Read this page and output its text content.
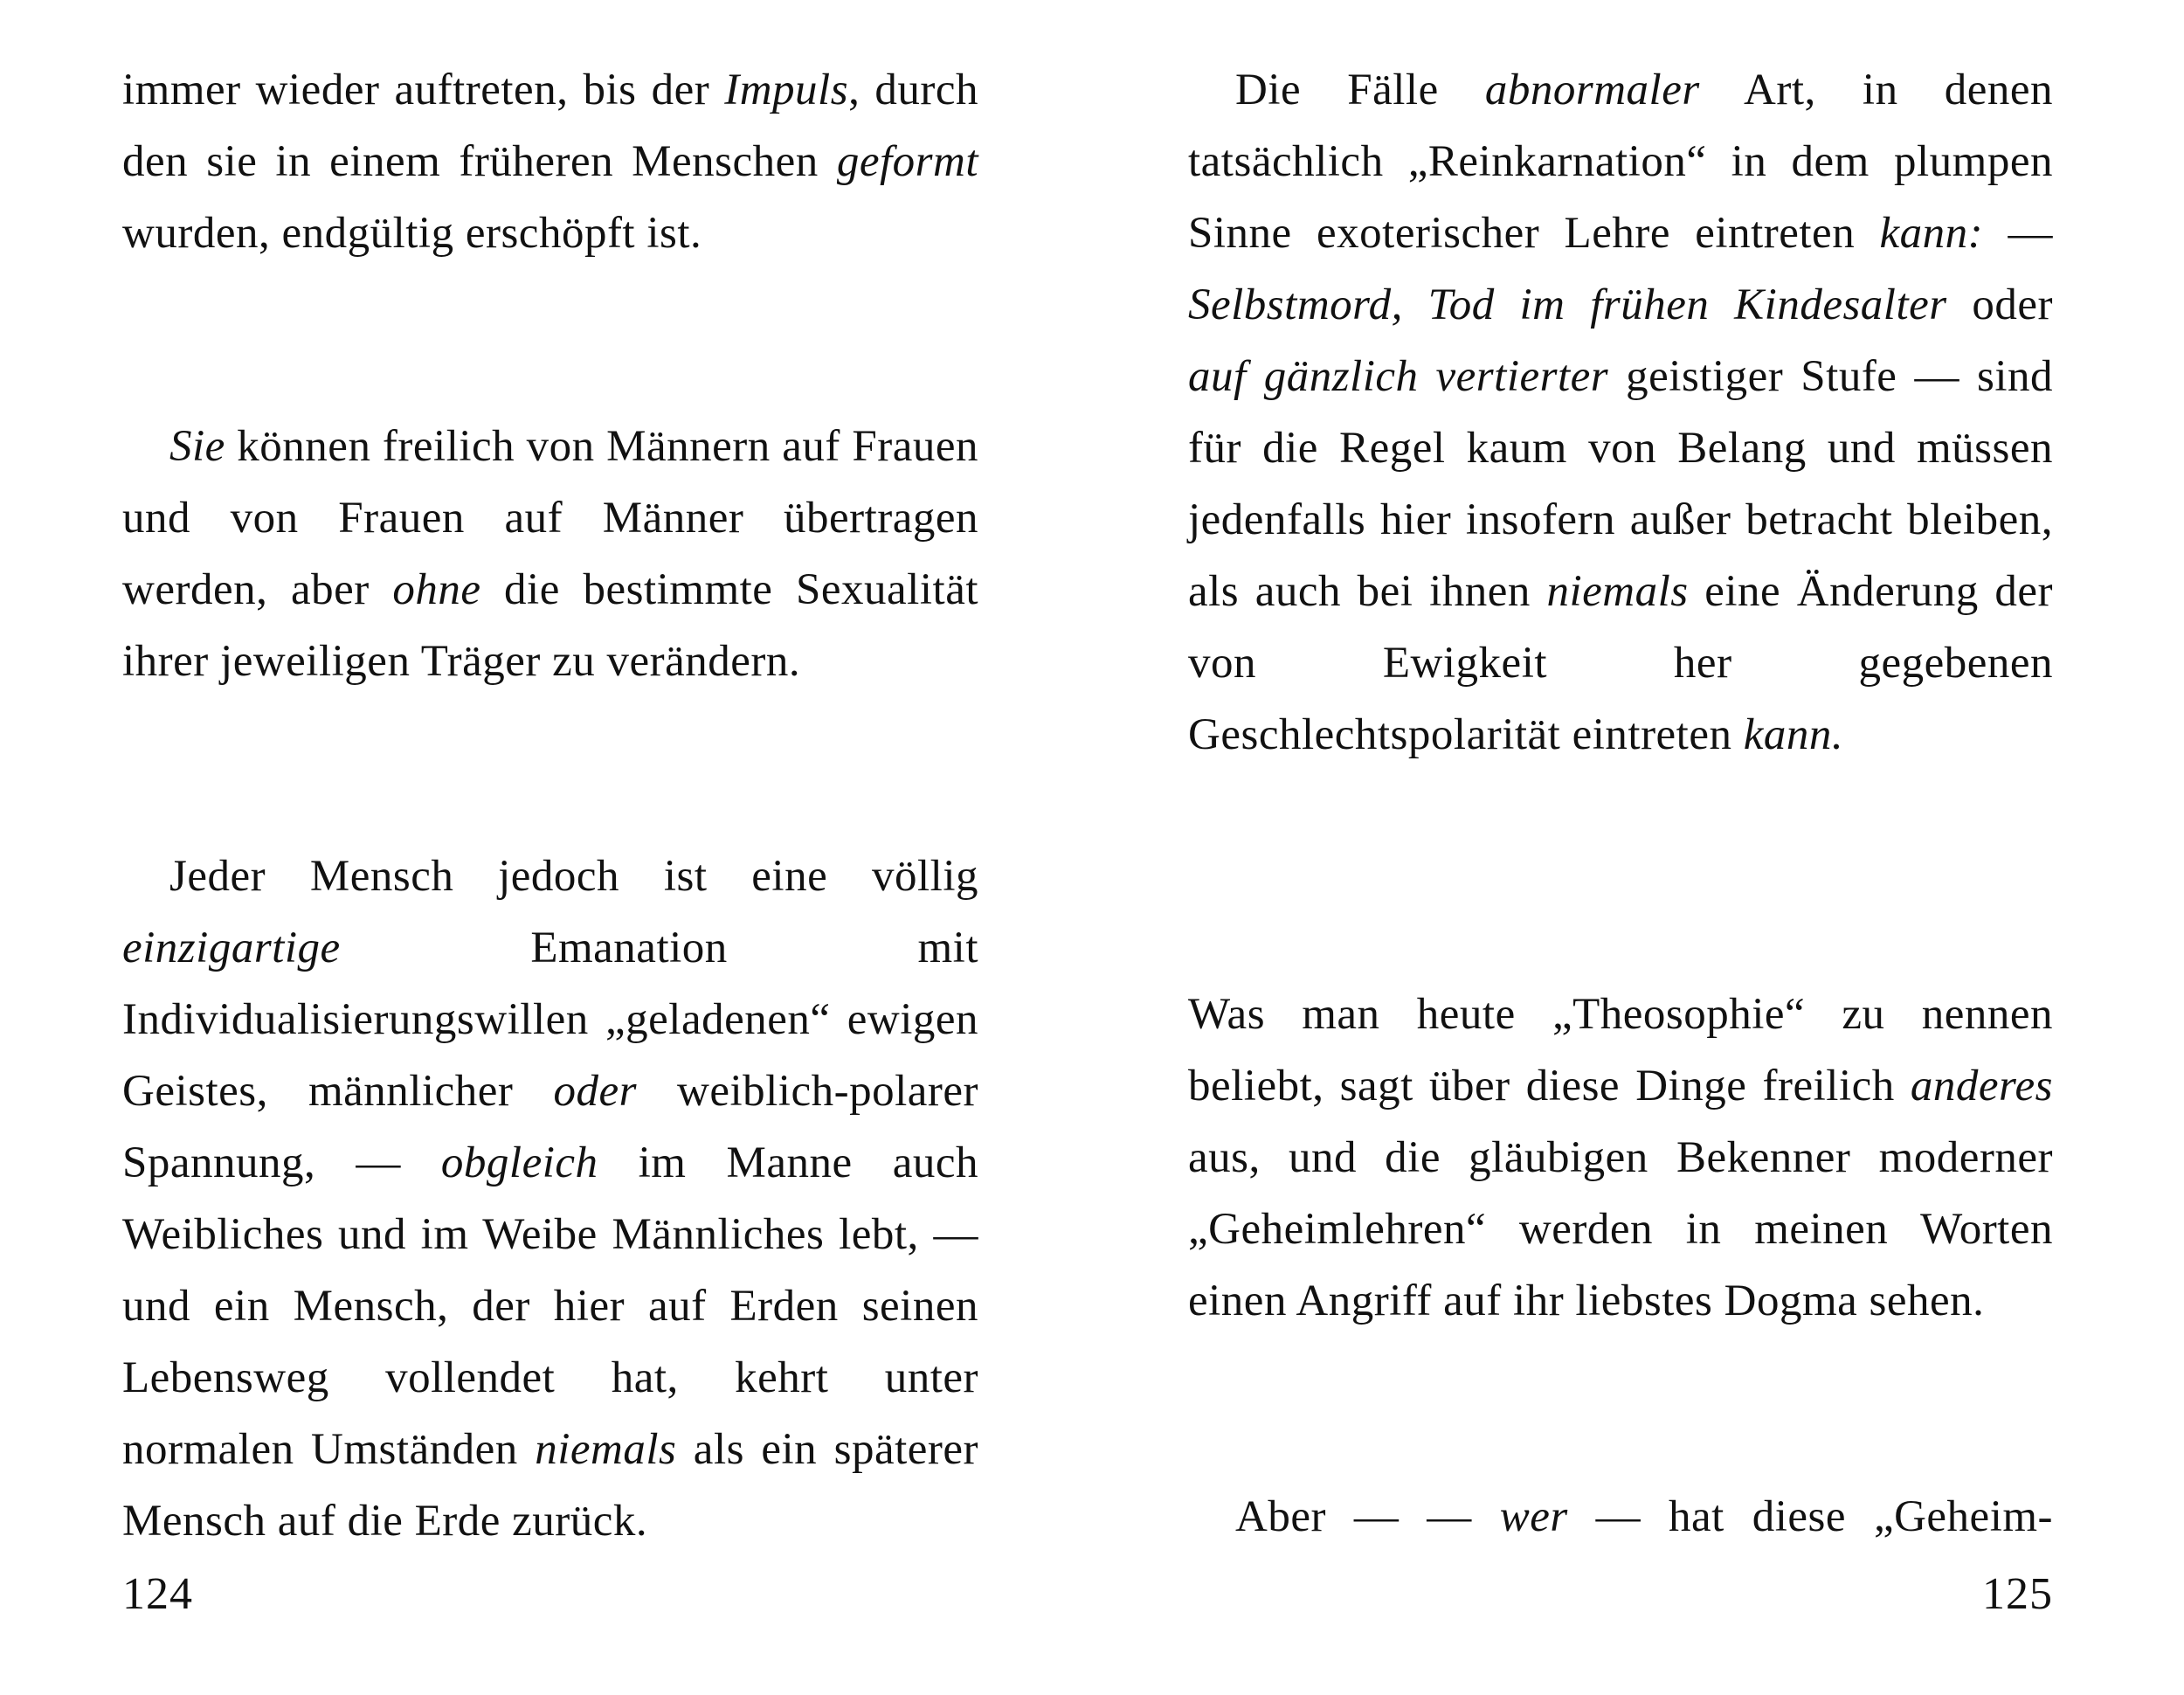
immer wieder auftreten, bis der Impuls, durch den sie in einem früheren Menschen geformt wurden, endgültig erschöpft ist.

Sie können freilich von Männern auf Frauen und von Frauen auf Männer übertragen werden, aber ohne die bestimmte Sexualität ihrer jeweiligen Träger zu verändern.

Jeder Mensch jedoch ist eine völlig einzigartige Emanation mit Individualisierungswillen „geladenen“ ewigen Geistes, männlicher oder weiblich-polarer Spannung, — obgleich im Manne auch Weibliches und im Weibe Männliches lebt, — und ein Mensch, der hier auf Erden seinen Lebensweg vollendet hat, kehrt unter normalen Umständen niemals als ein späterer Mensch auf die Erde zurück.

124

Die Fälle abnormaler Art, in denen tatsächlich „Reinkarnation“ in dem plumpen Sinne exoterischer Lehre eintreten kann: — Selbstmord, Tod im frühen Kindesalter oder auf gänzlich vertierter geistiger Stufe — sind für die Regel kaum von Belang und müssen jedenfalls hier insofern außer betracht bleiben, als auch bei ihnen niemals eine Änderung der von Ewigkeit her gegebenen Geschlechtspolarität eintreten kann.

Was man heute „Theosophie“ zu nennen beliebt, sagt über diese Dinge freilich anderes aus, und die gläubigen Bekenner moderner „Geheimlehren“ werden in meinen Worten einen Angriff auf ihr liebstes Dogma sehen.

Aber — — wer — hat diese „Geheim-

125
